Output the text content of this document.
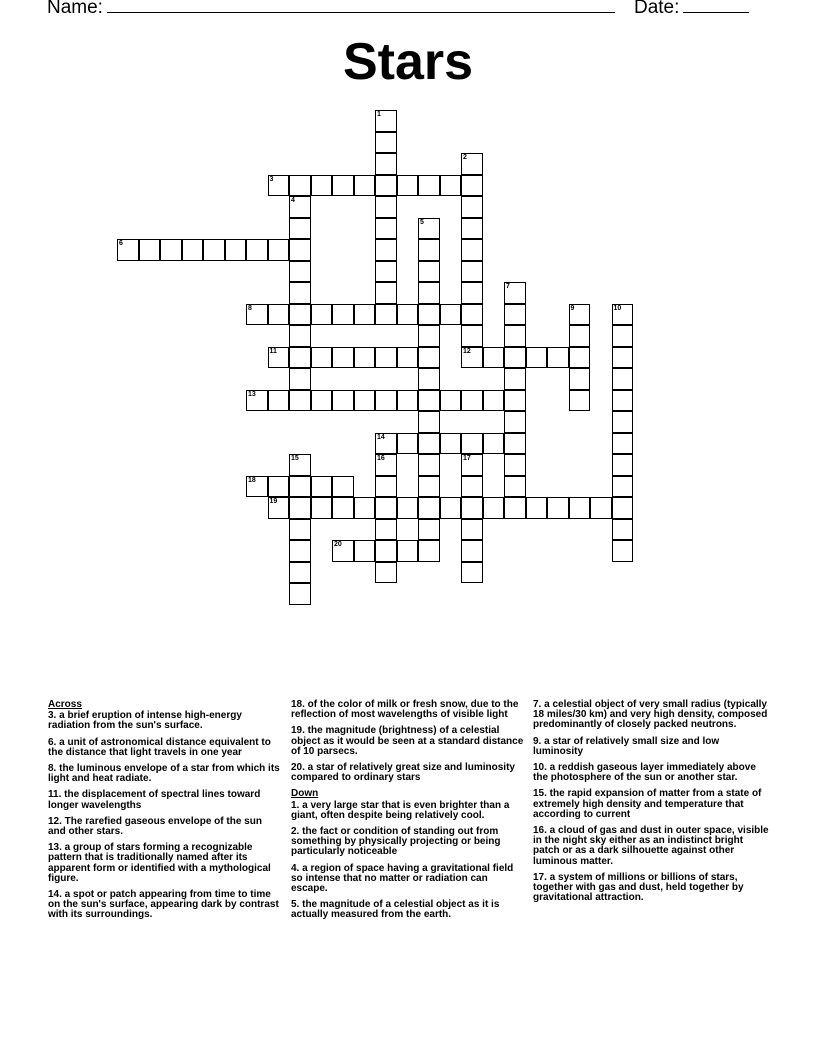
Name:	Date:
Stars
3
6
8
11	12
13
14
18
19
20
1
2
4
5
7
9	10
15	16	17
Across
3. a brief eruption of intense high-energy radiation from the sun's surface.
6. a unit of astronomical distance equivalent to the distance that light travels in one year
8. the luminous envelope of a star from which its light and heat radiate.
11. the displacement of spectral lines toward longer wavelengths
12. The rarefied gaseous envelope of the sun and other stars.
13. a group of stars forming a recognizable pattern that is traditionally named after its apparent form or identified with a mythological figure.
14. a spot or patch appearing from time to time on the sun's surface, appearing dark by contrast with its surroundings.
18. of the color of milk or fresh snow, due to the reflection of most wavelengths of visible light
19. the magnitude (brightness) of a celestial object as it would be seen at a standard distance of 10 parsecs.
20. a star of relatively great size and luminosity compared to ordinary stars
Down
1. a very large star that is even brighter than a giant, often despite being relatively cool.
2. the fact or condition of standing out from something by physically projecting or being particularly noticeable
4. a region of space having a gravitational field so intense that no matter or radiation can escape.
5. the magnitude of a celestial object as it is actually measured from the earth.
7. a celestial object of very small radius (typically 18 miles/30 km) and very high density, composed predominantly of closely packed neutrons.
9. a star of relatively small size and low luminosity
10. a reddish gaseous layer immediately above the photosphere of the sun or another star.
15. the rapid expansion of matter from a state of extremely high density and temperature that according to current
16. a cloud of gas and dust in outer space, visible in the night sky either as an indistinct bright patch or as a dark silhouette against other luminous matter.
17. a system of millions or billions of stars, together with gas and dust, held together by gravitational attraction.
